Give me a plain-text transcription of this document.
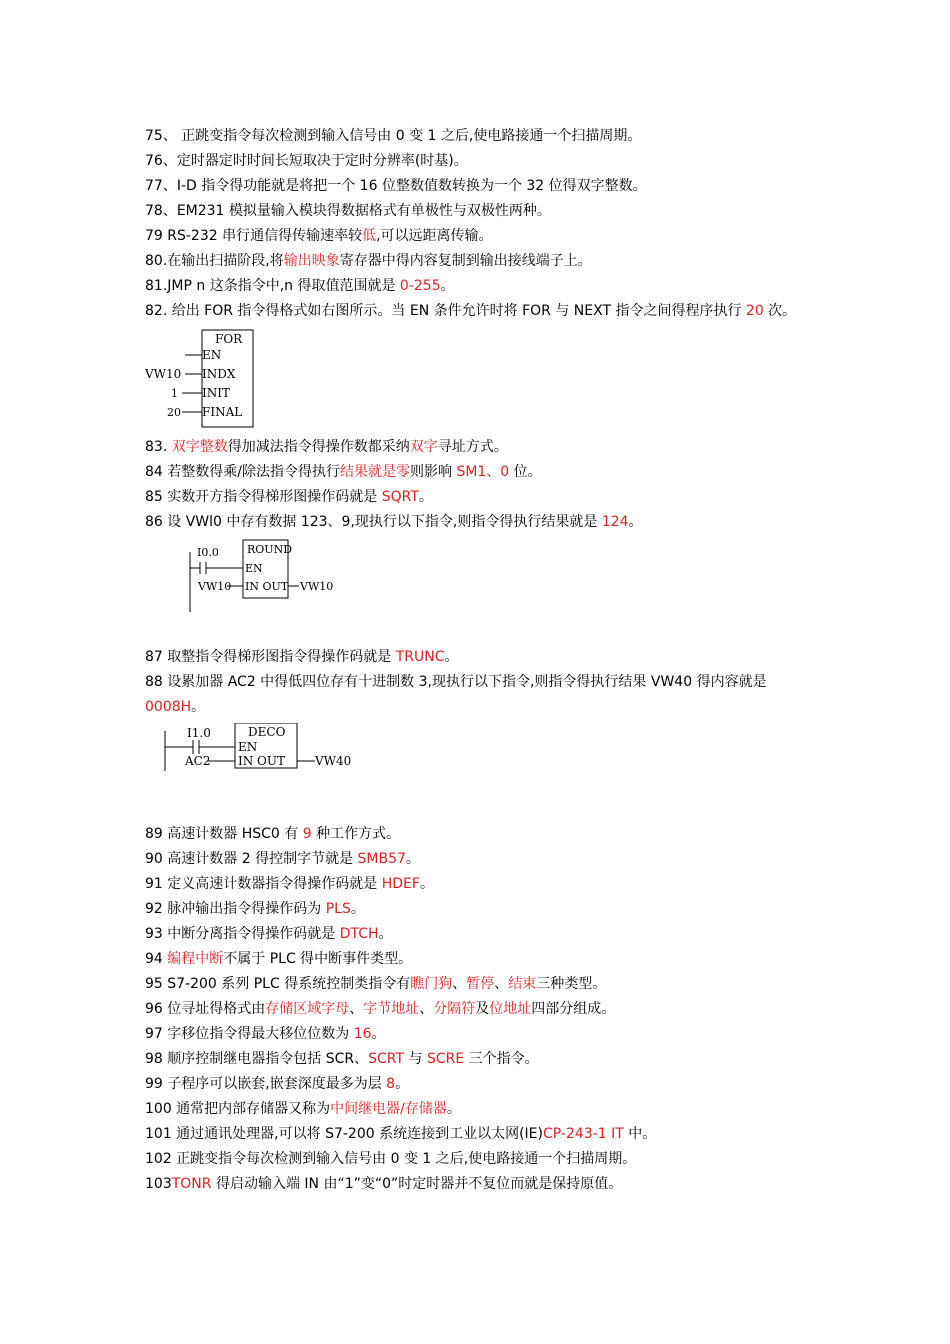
75、 正跳变指令每次检测到输入信号由 0 变 1 之后,使电路接通一个扫描周期。
76、定时器定时时间长短取决于定时分辨率(时基)。
77、I-D 指令得功能就是将把一个 16 位整数值数转换为一个 32 位得双字整数。
78、EM231 模拟量输入模块得数据格式有单极性与双极性两种。
79 RS-232 串行通信得传输速率较低,可以远距离传输。
80.在输出扫描阶段,将输出映象寄存器中得内容复制到输出接线端子上。
81.JMP n 这条指令中,n 得取值范围就是 0-255。
82. 给出 FOR 指令得格式如右图所示。当 EN 条件允许时将 FOR 与 NEXT 指令之间得程序执行 20 次。
FOR
EN
INDX
INIT
FINAL
VW10
1
20
83. 双字整数得加减法指令得操作数都采纳双字寻址方式。
84 若整数得乘/除法指令得执行结果就是零则影响 SM1、0 位。
85 实数开方指令得梯形图操作码就是 SQRT。
86 设 VWl0 中存有数据 123、9,现执行以下指令,则指令得执行结果就是 124。
I0.0	ROUND
EN
IN OUT
VW10	VW10
87 取整指令得梯形图指令得操作码就是 TRUNC。
88 设累加器 AC2 中得低四位存有十进制数 3,现执行以下指令,则指令得执行结果 VW40 得内容就是 0008H。
I1.0	DECO
EN
IN OUT
AC2	VW40
89 高速计数器 HSC0 有 9 种工作方式。
90 高速计数器 2 得控制字节就是 SMB57。
91 定义高速计数器指令得操作码就是 HDEF。
92 脉冲输出指令得操作码为 PLS。
93 中断分离指令得操作码就是 DTCH。
94 编程中断不属于 PLC 得中断事件类型。
95 S7-200 系列 PLC 得系统控制类指令有瞧门狗、暂停、结束三种类型。
96 位寻址得格式由存储区域字母、字节地址、分隔符及位地址四部分组成。
97 字移位指令得最大移位位数为 16。
98 顺序控制继电器指令包括 SCR、SCRT 与 SCRE 三个指令。
99 子程序可以嵌套,嵌套深度最多为层 8。
100 通常把内部存储器又称为中间继电器/存储器。
101 通过通讯处理器,可以将 S7-200 系统连接到工业以太网(IE)CP-243-1 IT 中。
102 正跳变指令每次检测到输入信号由 0 变 1 之后,使电路接通一个扫描周期。
103TONR 得启动输入端 IN 由“1”变“0”时定时器并不复位而就是保持原值。
